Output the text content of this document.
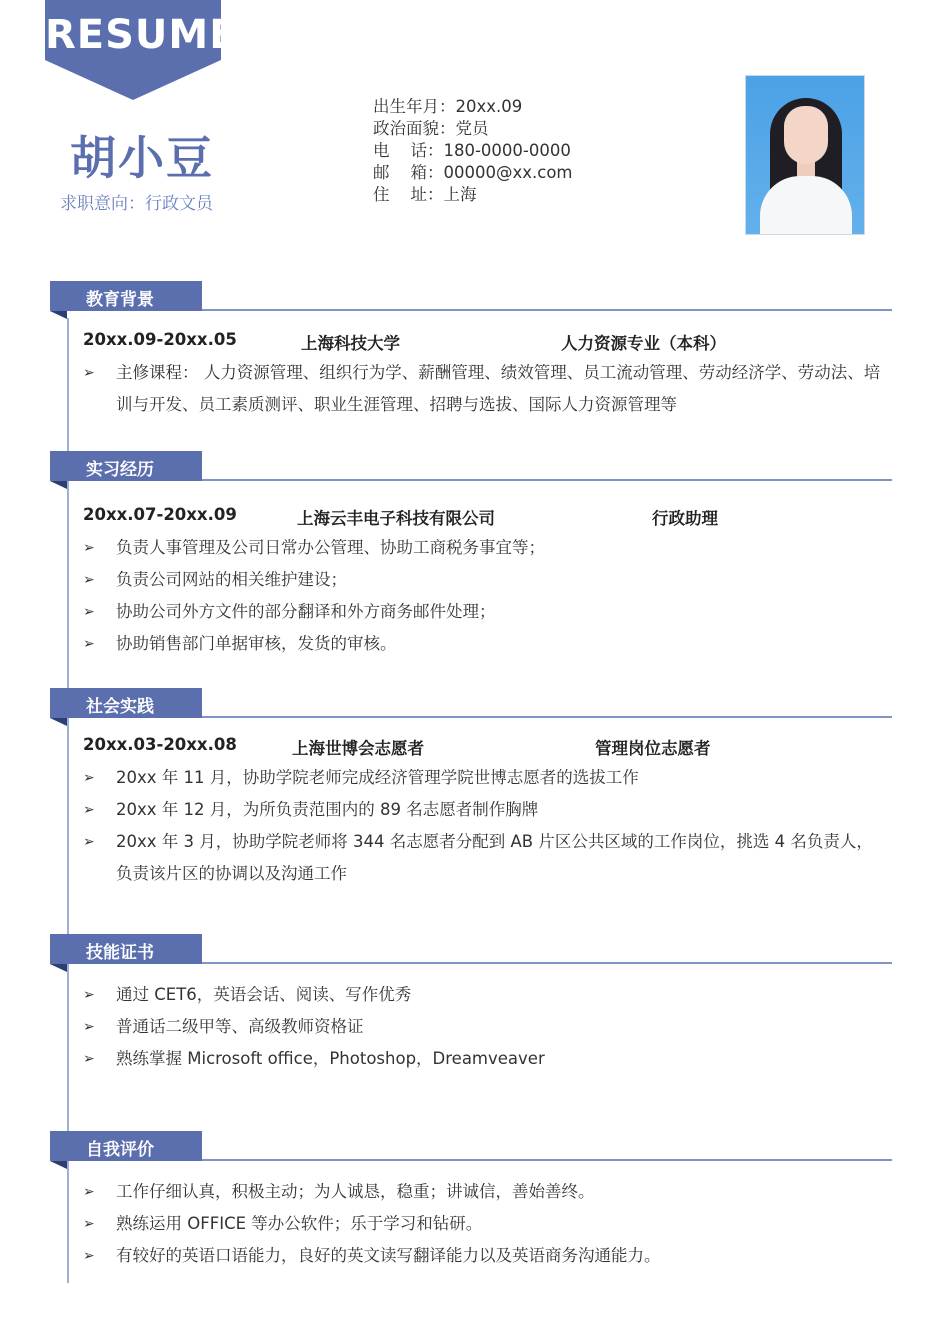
RESUME
胡小豆
求职意向：行政文员
出生年月：20xx.09
政治面貌：党员
电    话：180-0000-0000
邮    箱：00000@xx.com
住    址：上海
教育背景
20xx.09-20xx.05	上海科技大学	人力资源专业（本科）
➢ 主修课程： 人力资源管理、组织行为学、薪酬管理、绩效管理、员工流动管理、劳动经济学、劳动法、培训与开发、员工素质测评、职业生涯管理、招聘与选拔、国际人力资源管理等
实习经历
20xx.07-20xx.09	上海云丰电子科技有限公司	行政助理
➢ 负责人事管理及公司日常办公管理、协助工商税务事宜等；
➢ 负责公司网站的相关维护建设；
➢ 协助公司外方文件的部分翻译和外方商务邮件处理；
➢ 协助销售部门单据审核，发货的审核。
社会实践
20xx.03-20xx.08	上海世博会志愿者	管理岗位志愿者
➢ 20xx 年 11 月，协助学院老师完成经济管理学院世博志愿者的选拔工作
➢ 20xx 年 12 月，为所负责范围内的 89 名志愿者制作胸牌
➢ 20xx 年 3 月，协助学院老师将 344 名志愿者分配到 AB 片区公共区域的工作岗位，挑选 4 名负责人，负责该片区的协调以及沟通工作
技能证书
➢ 通过 CET6，英语会话、阅读、写作优秀
➢ 普通话二级甲等、高级教师资格证
➢ 熟练掌握 Microsoft office，Photoshop，Dreamveaver
自我评价
➢ 工作仔细认真，积极主动；为人诚恳，稳重；讲诚信，善始善终。
➢ 熟练运用 OFFICE 等办公软件；乐于学习和钻研。
➢ 有较好的英语口语能力，良好的英文读写翻译能力以及英语商务沟通能力。
